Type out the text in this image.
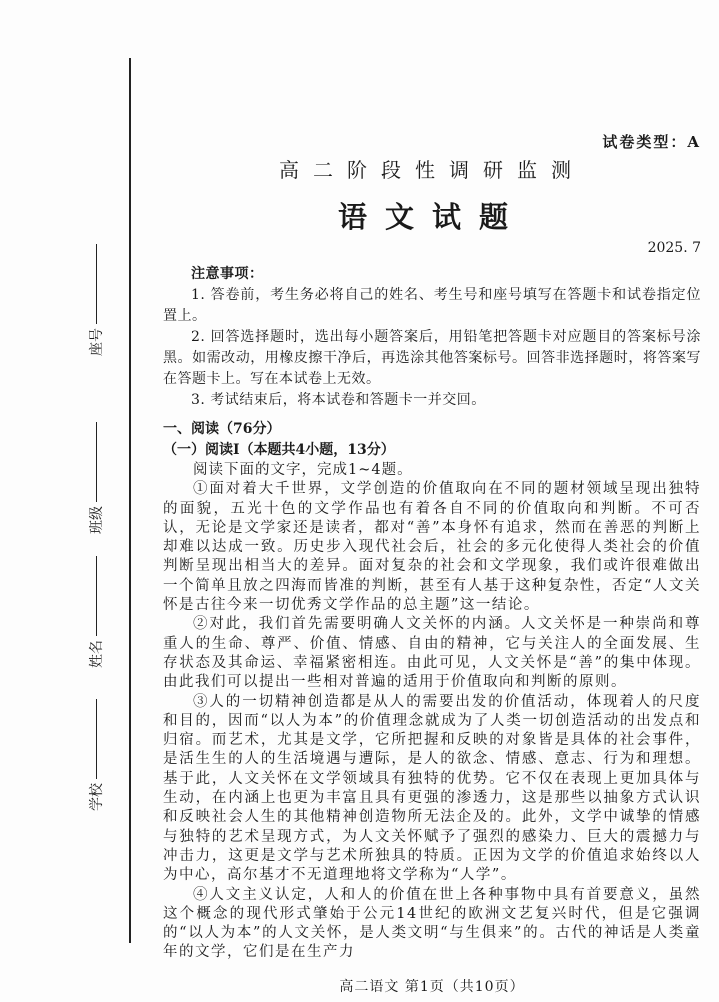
座号
班级
姓名
学校
试卷类型：A
高二阶段性调研监测
语文试题
2025. 7
注意事项：

1. 答卷前，考生务必将自己的姓名、考生号和座号填写在答题卡和试卷指定位置上。

2. 回答选择题时，选出每小题答案后，用铅笔把答题卡对应题目的答案标号涂黑。如需改动，用橡皮擦干净后，再选涂其他答案标号。回答非选择题时，将答案写在答题卡上。写在本试卷上无效。

3. 考试结束后，将本试卷和答题卡一并交回。

一、阅读（76分）
（一）阅读Ⅰ（本题共4小题，13分）

阅读下面的文字，完成1~4题。

①面对着大千世界，文学创造的价值取向在不同的题材领域呈现出独特的面貌，五光十色的文学作品也有着各自不同的价值取向和判断。不可否认，无论是文学家还是读者，都对“善”本身怀有追求，然而在善恶的判断上却难以达成一致。历史步入现代社会后，社会的多元化使得人类社会的价值判断呈现出相当大的差异。面对复杂的社会和文学现象，我们或许很难做出一个简单且放之四海而皆准的判断，甚至有人基于这种复杂性，否定“人文关怀是古往今来一切优秀文学作品的总主题”这一结论。

②对此，我们首先需要明确人文关怀的内涵。人文关怀是一种崇尚和尊重人的生命、尊严、价值、情感、自由的精神，它与关注人的全面发展、生存状态及其命运、幸福紧密相连。由此可见，人文关怀是“善”的集中体现。由此我们可以提出一些相对普遍的适用于价值取向和判断的原则。

③人的一切精神创造都是从人的需要出发的价值活动，体现着人的尺度和目的，因而“以人为本”的价值理念就成为了人类一切创造活动的出发点和归宿。而艺术，尤其是文学，它所把握和反映的对象皆是具体的社会事件，是活生生的人的生活境遇与遭际，是人的欲念、情感、意志、行为和理想。基于此，人文关怀在文学领域具有独特的优势。它不仅在表现上更加具体与生动，在内涵上也更为丰富且具有更强的渗透力，这是那些以抽象方式认识和反映社会人生的其他精神创造物所无法企及的。此外，文学中诚挚的情感与独特的艺术呈现方式，为人文关怀赋予了强烈的感染力、巨大的震撼力与冲击力，这更是文学与艺术所独具的特质。正因为文学的价值追求始终以人为中心，高尔基才不无道理地将文学称为“人学”。

④人文主义认定，人和人的价值在世上各种事物中具有首要意义，虽然这个概念的现代形式肇始于公元14世纪的欧洲文艺复兴时代，但是它强调的“以人为本”的人文关怀，是人类文明“与生俱来”的。古代的神话是人类童年的文学，它们是在生产力

高二语文 第1页（共10页）
